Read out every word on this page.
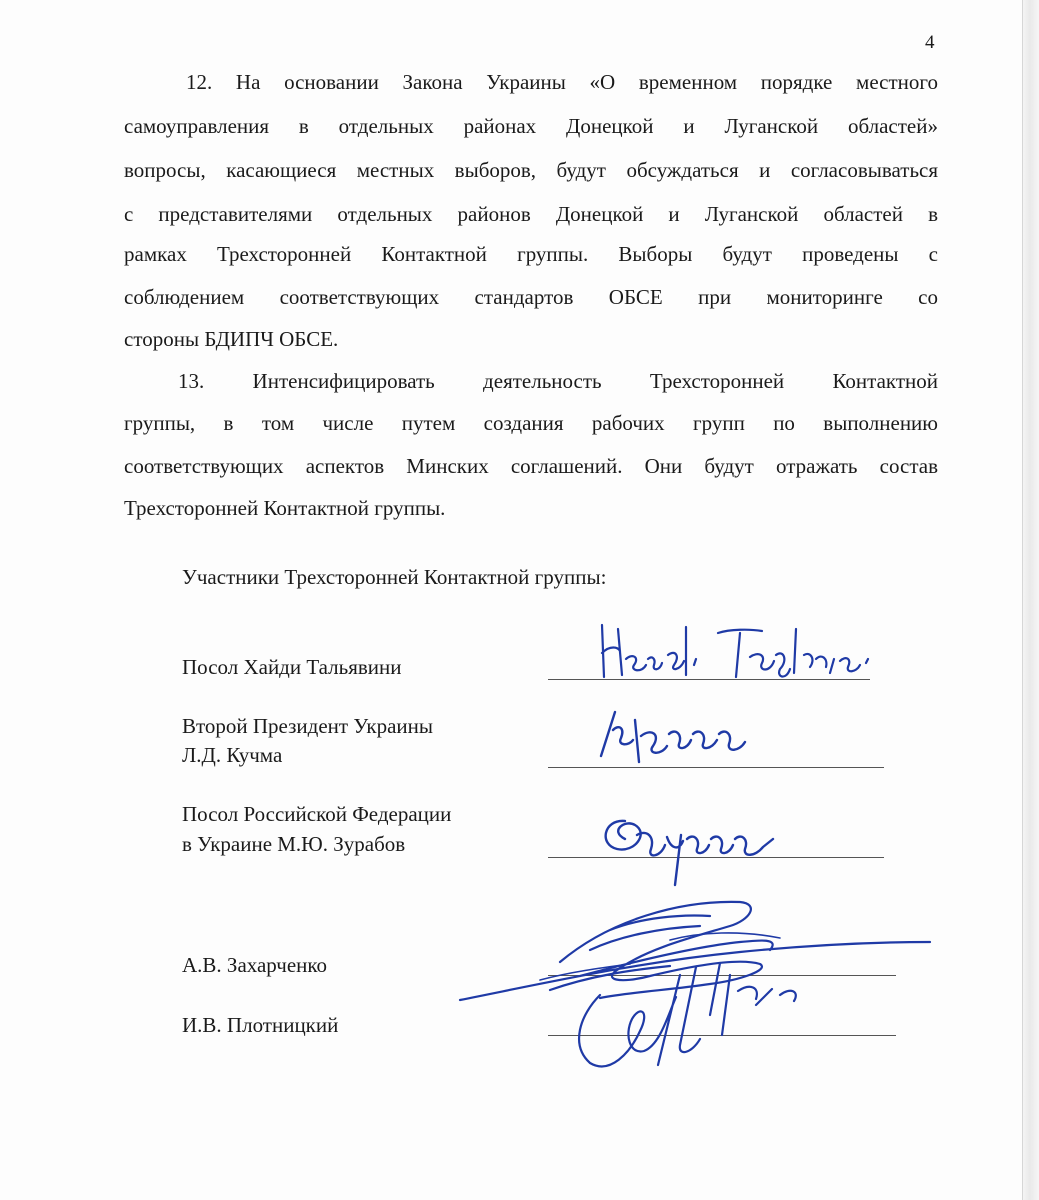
4
12. На основании Закона Украины «О временном порядке местного
самоуправления в отдельных районах Донецкой и Луганской областей»
вопросы, касающиеся местных выборов, будут обсуждаться и согласовываться
с представителями отдельных районов Донецкой и Луганской областей в
рамках Трехсторонней Контактной группы. Выборы будут проведены с
соблюдением соответствующих стандартов ОБСЕ при мониторинге со
стороны БДИПЧ ОБСЕ.
13. Интенсифицировать деятельность Трехсторонней Контактной
группы, в том числе путем создания рабочих групп по выполнению
соответствующих аспектов Минских соглашений. Они будут отражать состав
Трехсторонней Контактной группы.
Участники Трехсторонней Контактной группы:
Посол Хайди Тальявини
Второй Президент Украины
Л.Д. Кучма
Посол Российской Федерации
в Украине М.Ю. Зурабов
А.В. Захарченко
И.В. Плотницкий
